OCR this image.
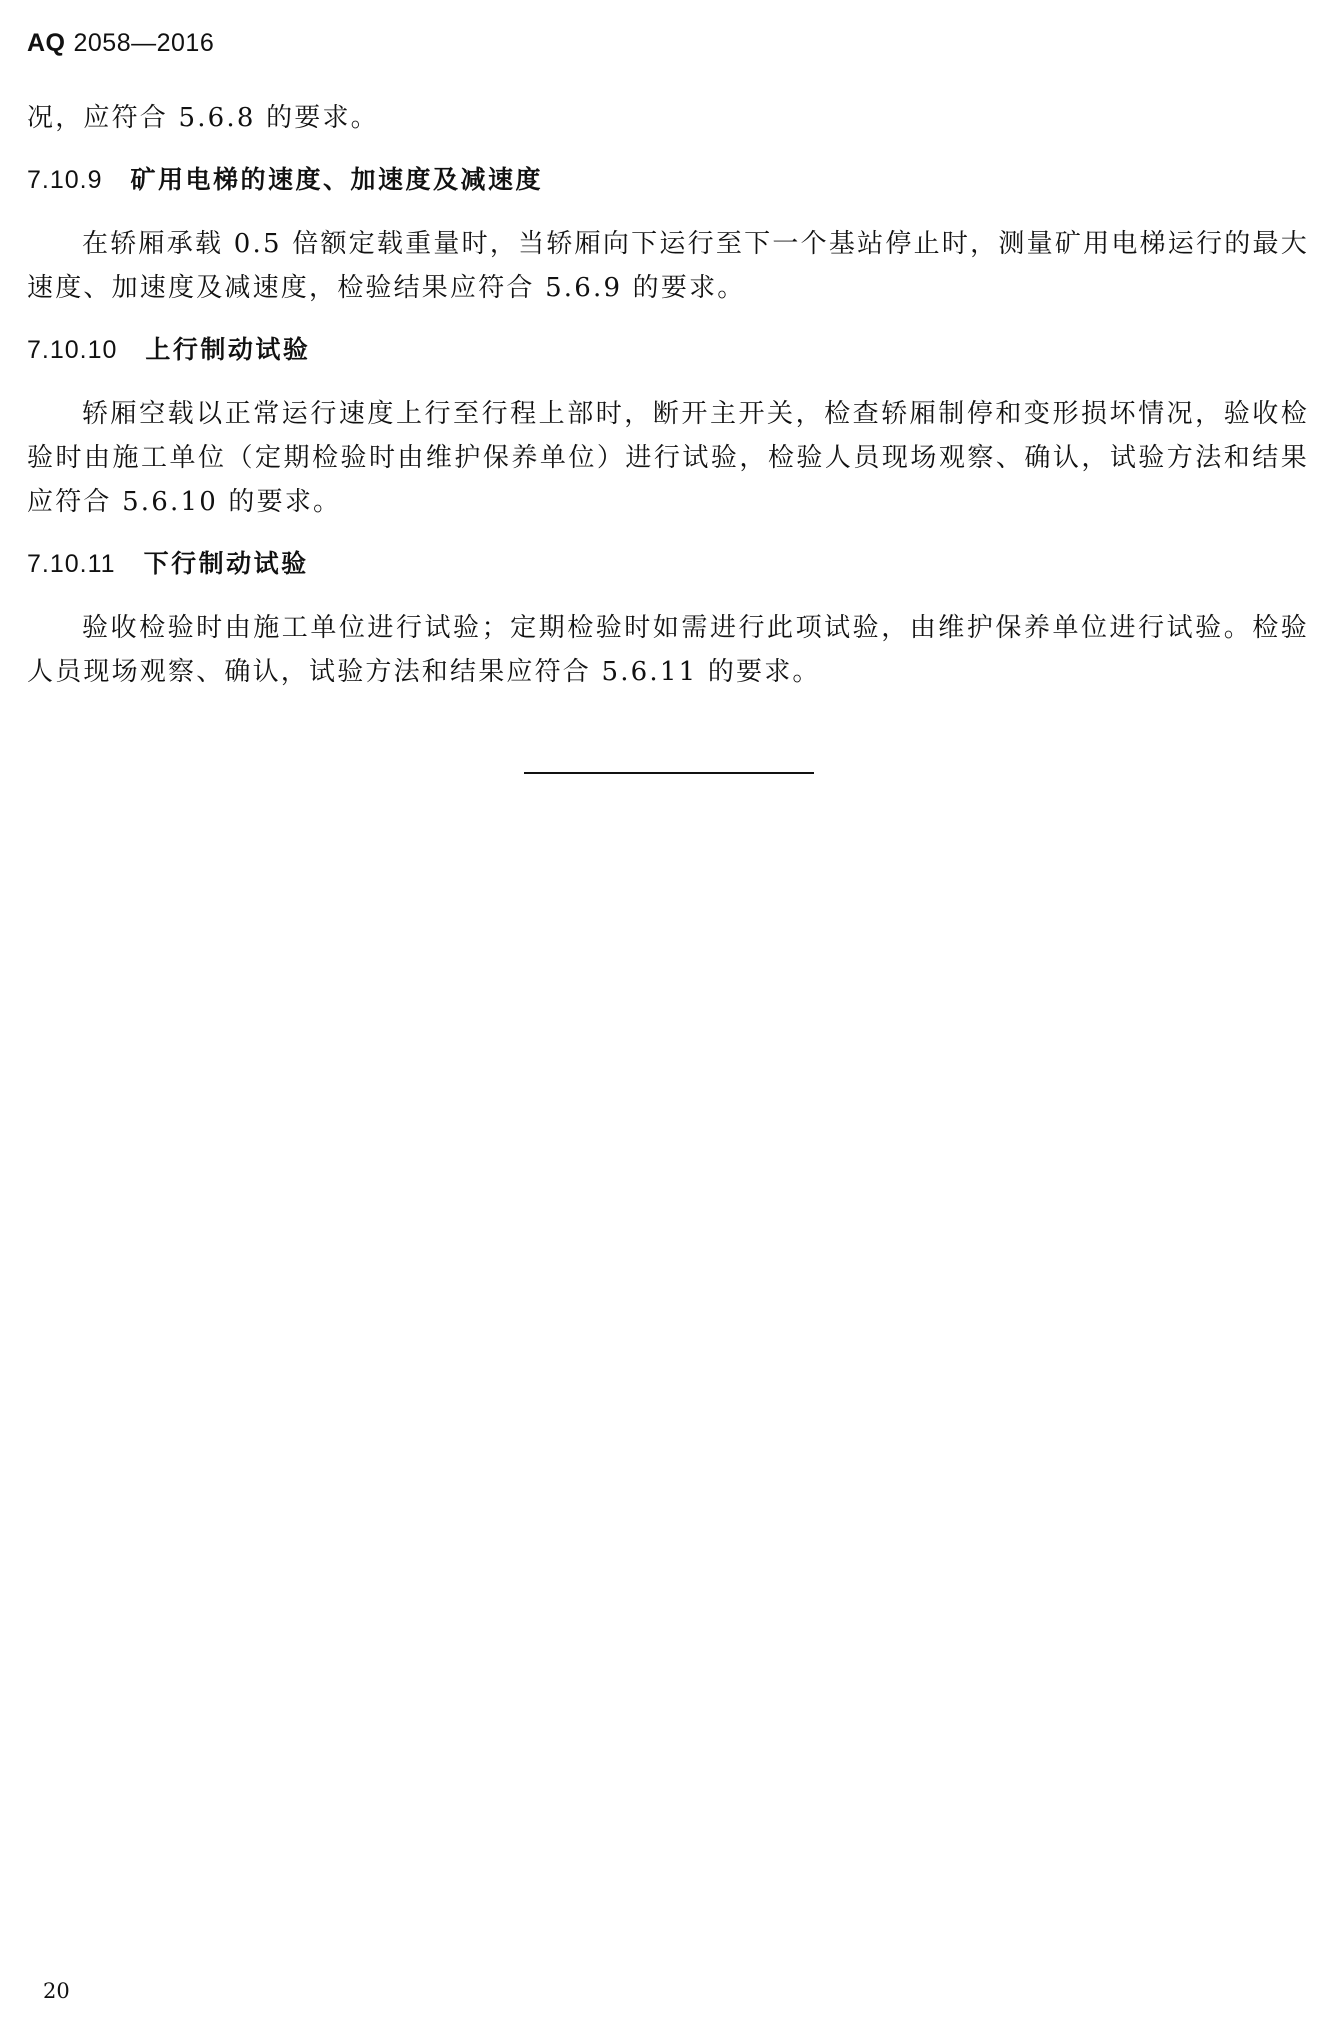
AQ 2058—2016

况，应符合 5.6.8 的要求。

7.10.9 矿用电梯的速度、加速度及减速度

在轿厢承载 0.5 倍额定载重量时，当轿厢向下运行至下一个基站停止时，测量矿用电梯运行的最大速度、加速度及减速度，检验结果应符合 5.6.9 的要求。

7.10.10 上行制动试验

轿厢空载以正常运行速度上行至行程上部时，断开主开关，检查轿厢制停和变形损坏情况，验收检验时由施工单位（定期检验时由维护保养单位）进行试验，检验人员现场观察、确认，试验方法和结果应符合 5.6.10 的要求。

7.10.11 下行制动试验

验收检验时由施工单位进行试验；定期检验时如需进行此项试验，由维护保养单位进行试验。检验人员现场观察、确认，试验方法和结果应符合 5.6.11 的要求。

20
